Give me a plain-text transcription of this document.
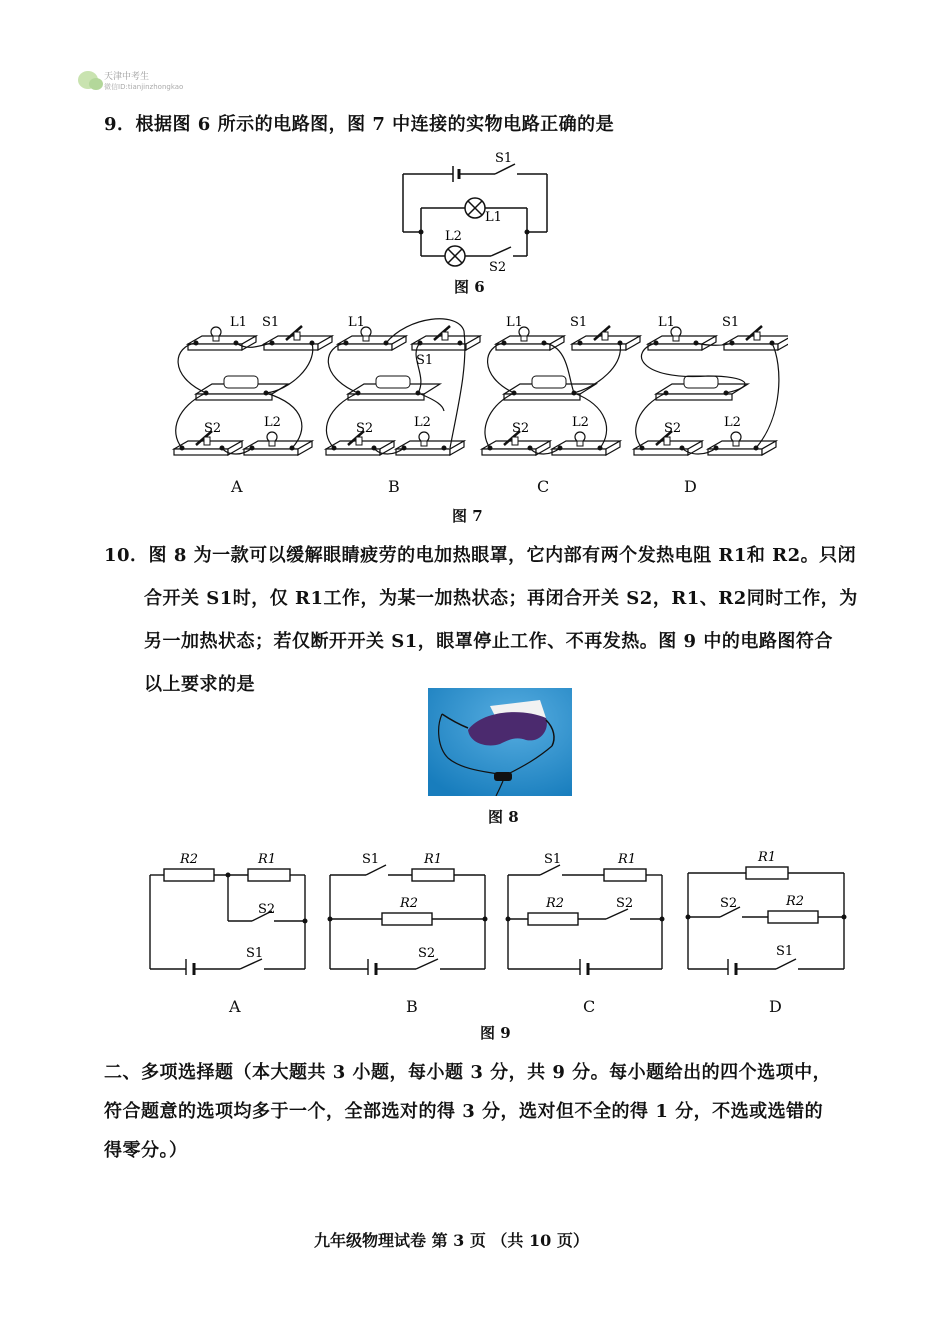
天津中考生
微信ID:tianjinzhongkao
9．根据图 6 所示的电路图，图 7 中连接的实物电路正确的是
S1
L1
L2
S2
图 6
L1 S1
S2	L2
L1
S1
S2	L2
L1	S1
S2	L2
L1	S1
S2	L2
A	B	C	D
图 7
10．图 8 为一款可以缓解眼睛疲劳的电加热眼罩，它内部有两个发热电阻 R1和 R2。只闭
合开关 S1时，仅 R1工作，为某一加热状态；再闭合开关 S2，R1、R2同时工作，为
另一加热状态；若仅断开开关 S1，眼罩停止工作、不再发热。图 9 中的电路图符合
以上要求的是
图 8
R2	R1	R1
R2
R1
R2
R1
R2
S2
S1
S1
S2
S1
S2	S2
S1
A	B	C	D
图 9
二、多项选择题（本大题共 3 小题，每小题 3 分，共 9 分。每小题给出的四个选项中，
符合题意的选项均多于一个，全部选对的得 3 分，选对但不全的得 1 分，不选或选错的
得零分。）
九年级物理试卷 第 3 页 （共 10 页）
